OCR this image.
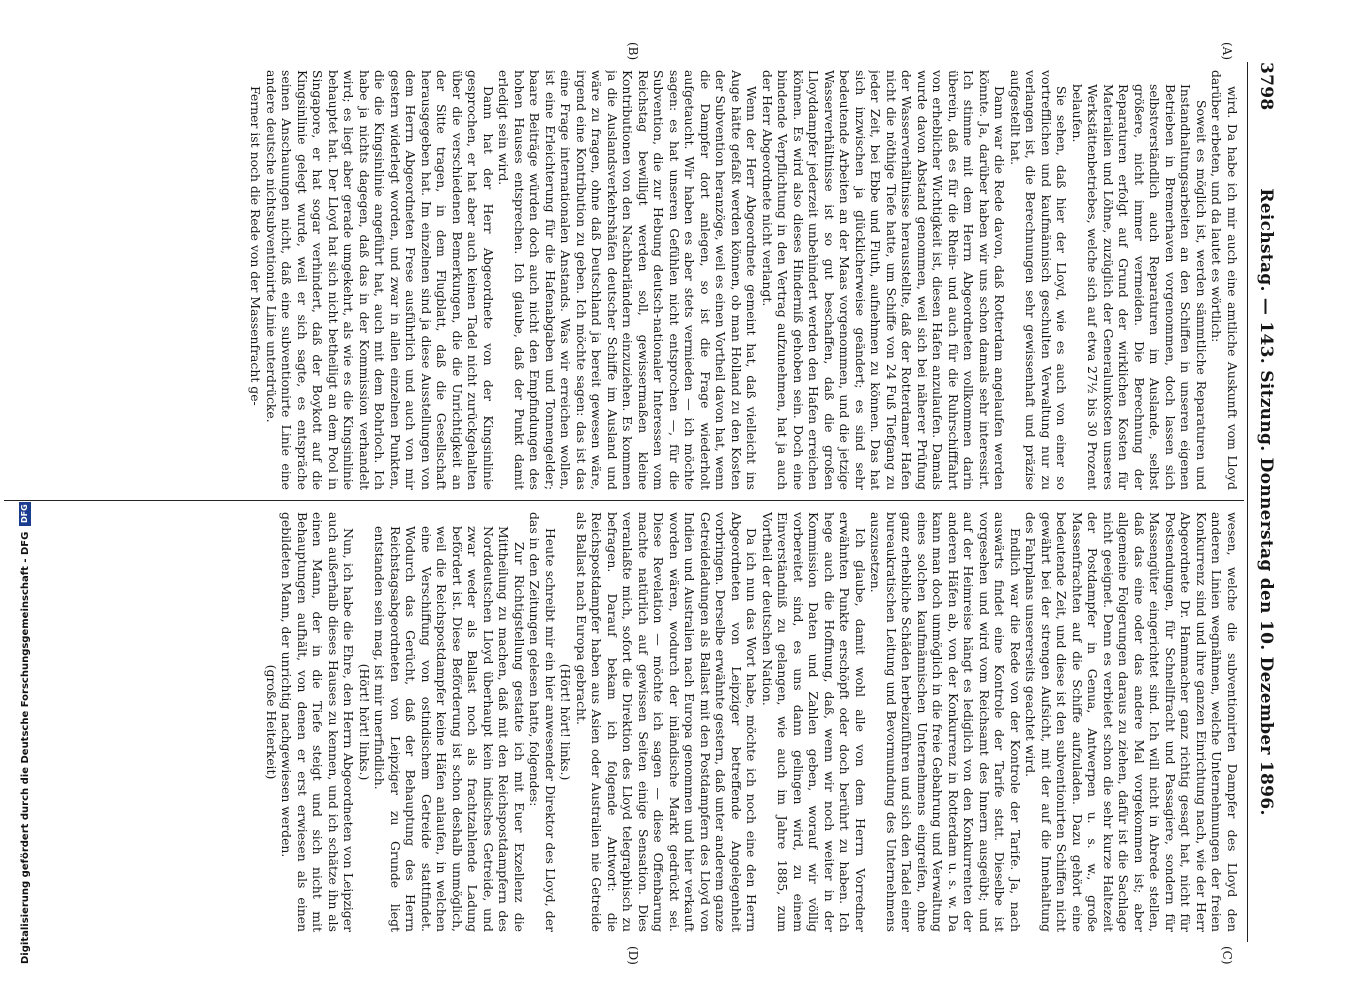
3798
Reichstag. — 143. Sitzung. Donnerstag den 10. Dezember 1896.
(A)
(B)
(C)
(D)

wird. Da habe ich mir auch eine amtliche Auskunft vom Lloyd darüber erbeten, und da lautet es wörtlich:

Soweit es möglich ist, werden sämmtliche Reparaturen und Instandhaltungsarbeiten an den Schiffen in unseren eigenen Betrieben in Bremerhaven vorgenommen, doch lassen sich selbstverständlich auch Reparaturen im Auslande, selbst größere, nicht immer vermeiden. Die Berechnung der Reparaturen erfolgt auf Grund der wirklichen Kosten für Materialien und Löhne, zuzüglich der Generalunkosten unseres Werkstättenbetriebes, welche sich auf etwa 27½ bis 30 Prozent belaufen.

Sie sehen, daß hier der Lloyd, wie es auch von einer so vortrefflichen und kaufmännisch geschulten Verwaltung nur zu verlangen ist, die Berechnungen sehr gewissenhaft und präzise aufgestellt hat.

Dann war die Rede davon, daß Rotterdam angelaufen werden könnte. Ja, darüber haben wir uns schon damals sehr interessirt. Ich stimme mit dem Herrn Abgeordneten vollkommen darin überein, daß es für die Rhein- und auch für die Ruhrschifffahrt von erheblicher Wichtigkeit ist, diesen Hafen anzulaufen. Damals wurde davon Abstand genommen, weil sich bei näherer Prüfung der Wasserverhältnisse herausstellte, daß der Rotterdamer Hafen nicht die nöthige Tiefe hatte, um Schiffe von 24 Fuß Tiefgang zu jeder Zeit, bei Ebbe und Fluth, aufnehmen zu können. Das hat sich inzwischen ja glücklicherweise geändert; es sind sehr bedeutende Arbeiten an der Maas vorgenommen, und die jetzige Wasserverhältnisse ist so gut beschaffen, daß die großen Lloyddampfer jederzeit unbehindert werden den Hafen erreichen können. Es wird also dieses Hinderniß gehoben sein. Doch eine bindende Verpflichtung in den Vertrag aufzunehmen, hat ja auch der Herr Abgeordnete nicht verlangt.

Wenn der Herr Abgeordnete gemeint hat, daß vielleicht ins Auge hätte gefaßt werden können, ob man Holland zu den Kosten der Subvention heranzöge, weil es einen Vortheil davon hat, wenn die Dampfer dort anlegen, so ist die Frage wiederholt aufgetaucht. Wir haben es aber stets vermieden — ich möchte sagen: es hat unseren Gefühlen nicht entsprochen —, für die Subvention, die zur Hebung deutsch-nationaler Interessen vom Reichstag bewilligt werden soll, gewissermaßen kleine Kontributionen von den Nachbarländern einzuziehen. Es kommen ja die Auslandsverkehrshäfen deutscher Schiffe im Ausland und wäre zu fragen, ohne daß Deutschland ja bereit gewesen wäre, irgend eine Kontribution zu geben. Ich möchte sagen: das ist das eine Frage internationalen Anstands. Was wir erreichen wollen, ist eine Erleichterung für die Hafenabgaben und Tonnengelder; baare Beiträge würden doch auch nicht den Empfindungen des hohen Hauses entsprechen. Ich glaube, daß der Punkt damit erledigt sein wird.

Dann hat der Herr Abgeordnete von der Kingsinlinie gesprochen, er hat aber auch keinen Tadel nicht zurückgehalten über die verschiedenen Bemerkungen, die die Unrichtigkeit an der Sitte tragen, in dem Flugblatt, daß die Gesellschaft herausgegeben hat. Im einzelnen sind ja diese Ausstellungen von dem Herrn Abgeordneten Frese ausführlich und auch von mir gestern widerlegt worden, und zwar in allen einzelnen Punkten, die die Kingsinlinie angeführt hat, auch mit dem Bohrloch. Ich habe ja nichts dagegen, daß das in der Kommission verhandelt wird; es liegt aber gerade umgekehrt, als wie es die Kingsinlinie behauptet hat. Der Lloyd hat sich nicht betheiligt an dem Pool in Singapore, er hat sogar verhindert, daß der Boykott auf die Kingsinlinie gelegt wurde, weil er sich sagte, es entspräche seinen Anschauungen nicht, daß eine subventionirte Linie eine andere deutsche nichtsubventionirte Linie unterdrücke.

Ferner ist noch die Rede von der Massenfracht ge-

wesen, welche die subventionirten Dampfer des Lloyd den anderen Linien wegnähmen, welche Unternehmungen der freien Konkurrenz sind und ihre ganzen Einrichtung nach, wie der Herr Abgeordnete Dr. Hammacher ganz richtig gesagt hat, nicht für Postsendungen, für Schnellfracht und Passagiere, sondern für Massengüter eingerichtet sind. Ich will nicht in Abrede stellen, daß das eine oder das andere Mal vorgekommen ist; aber allgemeine Folgerungen daraus zu ziehen, dafür ist die Sachlage nicht geeignet. Denn es verbietet schon die sehr kurze Haltezeit der Postdampfer in Genua, Antwerpen u. s. w., große Massenfrachten auf die Schiffe aufzuladen. Dazu gehört eine bedeutende Zeit, und diese ist den subventionirten Schiffen nicht gewährt bei der strengen Aufsicht, mit der auf die Innehaltung des Fahrplans unsererseits geachtet wird.

Endlich war die Rede von der Kontrole der Tarife. Ja, nach auswärts findet eine Kontrole der Tarife statt. Dieselbe ist vorgesehen und wird vom Reichsamt des Innern ausgeübt; und auf der Heimreise hängt es lediglich von den Konkurrenten der anderen Häfen ab, von der Konkurrenz in Rotterdam u. s. w. Da kann man doch unmöglich in die freie Gebahrung und Verwaltung eines solchen kaufmännischen Unternehmens eingreifen, ohne ganz erhebliche Schäden herbeizuführen und sich den Tadel einer bureaukratischen Leitung und Bevormundung des Unternehmens auszusetzen.

Ich glaube, damit wohl alle von dem Herrn Vorredner erwähnten Punkte erschöpft oder doch berührt zu haben. Ich hege auch die Hoffnung, daß, wenn wir noch weiter in der Kommission Daten und Zahlen geben, worauf wir völlig vorbereitet sind, es uns dann gelingen wird, zu einem Einverständniß zu gelangen, wie auch im Jahre 1885, zum Vortheil der deutschen Nation.

Da ich nun das Wort habe, möchte ich noch eine den Herrn Abgeordneten von Leipziger betreffende Angelegenheit vorbringen. Derselbe erwähnte gestern, daß unter anderem ganze Getreideladungen als Ballast mit den Postdampfern des Lloyd von Indien und Australien nach Europa genommen und hier verkauft worden wären, wodurch der inländische Markt gedrückt sei. Diese Revelation — möchte ich sagen — diese Offenbarung machte natürlich auf gewissen Seiten einige Sensation. Dies veranlaßte mich, sofort die Direktion des Lloyd telegraphisch zu befragen. Darauf bekam ich folgende Antwort: die Reichspostdampfer haben aus Asien oder Australien nie Getreide als Ballast nach Europa gebracht.

(Hört! hört! links.)

Heute schreibt mir ein hier anwesender Direktor des Lloyd, der das in den Zeitungen gelesen hatte, folgendes:

Zur Richtigstellung gestatte ich mit Euer Exzellenz die Mittheilung zu machen, daß mit den Reichspostdampfern des Norddeutschen Lloyd überhaupt kein indisches Getreide, und zwar weder als Ballast noch als frachtzahlende Ladung befördert ist. Diese Beförderung ist schon deshalb unmöglich, weil die Reichspostdampfer keine Häfen anlaufen, in welchen eine Verschiffung von ostindischem Getreide stattfindet. Wodurch das Gerücht, daß der Behauptung des Herrn Reichstagsabgeordneten von Leipziger zu Grunde liegt entstanden sein mag, ist mir unerfindlich.

(Hört! hört! links.)

Nun, ich habe die Ehre, den Herrn Abgeordneten von Leipziger auch außerhalb dieses Hauses zu kennen, und ich schätze ihn als einen Mann, der in die Tiefe steigt und sich nicht mit Behauptungen aufhält, von denen er erst erwiesen als einen gebildeten Mann, der unrichtig nachgewiesen werden.

(große Heiterkeit)

Digitalisierung gefördert durch die Deutsche Forschungsgemeinschaft - DFG
DFG
